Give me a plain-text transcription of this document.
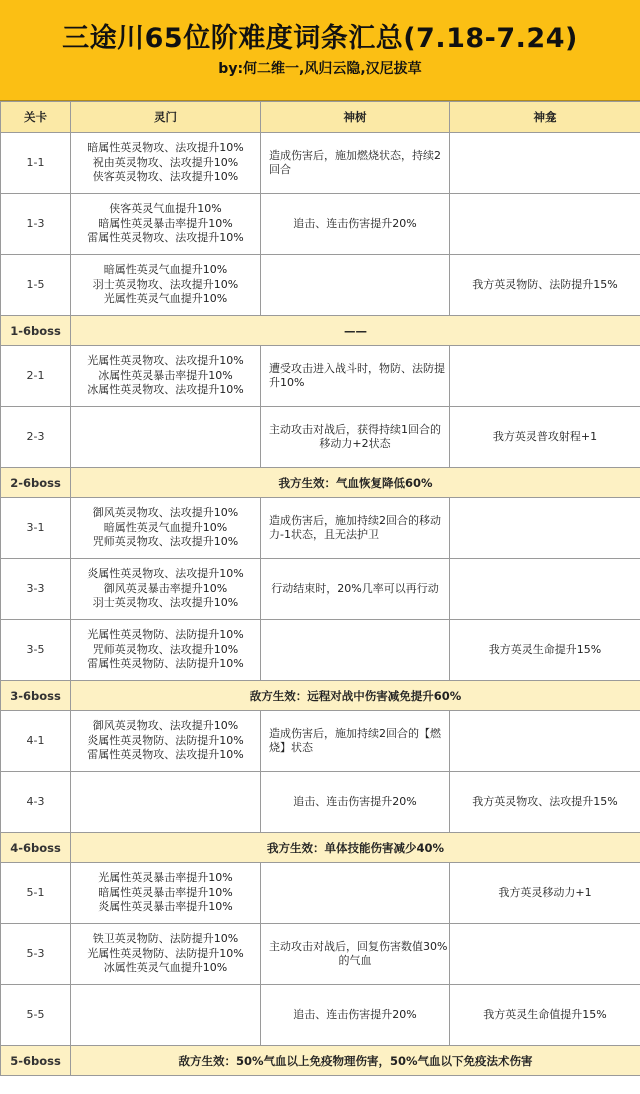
三途川65位阶难度词条汇总(7.18-7.24)
by:何二维一,风归云隐,汉尼拔草
关卡	灵门	神树	神龛
1-1	暗属性英灵物攻、法攻提升10%
祝由英灵物攻、法攻提升10%
侠客英灵物攻、法攻提升10%	造成伤害后，施加燃烧状态，持续2
回合	

1-3	侠客英灵气血提升10%
暗属性英灵暴击率提升10%
雷属性英灵物攻、法攻提升10%	追击、连击伤害提升20%	

1-5	暗属性英灵气血提升10%
羽士英灵物攻、法攻提升10%
光属性英灵气血提升10%		我方英灵物防、法防提升15%
1-6boss	——		
2-1	光属性英灵物攻、法攻提升10%
冰属性英灵暴击率提升10%
冰属性英灵物攻、法攻提升10%	遭受攻击进入战斗时，物防、法防提
升10%	

2-3		主动攻击对战后，获得持续1回合的
移动力+2状态	我方英灵普攻射程+1
2-6boss	我方生效：气血恢复降低60%		
3-1	御风英灵物攻、法攻提升10%
暗属性英灵气血提升10%
咒师英灵物攻、法攻提升10%	造成伤害后，施加持续2回合的移动
力-1状态，且无法护卫	

3-3	炎属性英灵物攻、法攻提升10%
御风英灵暴击率提升10%
羽士英灵物攻、法攻提升10%	行动结束时，20%几率可以再行动	

3-5	光属性英灵物防、法防提升10%
咒师英灵物攻、法攻提升10%
雷属性英灵物防、法防提升10%		我方英灵生命提升15%
3-6boss	敌方生效：远程对战中伤害减免提升60%		
4-1	御风英灵物攻、法攻提升10%
炎属性英灵物防、法防提升10%
雷属性英灵物攻、法攻提升10%	造成伤害后，施加持续2回合的【燃
烧】状态	

4-3		追击、连击伤害提升20%	我方英灵物攻、法攻提升15%
4-6boss	我方生效：单体技能伤害减少40%		
5-1	光属性英灵暴击率提升10%
暗属性英灵暴击率提升10%
炎属性英灵暴击率提升10%		我方英灵移动力+1
5-3	铁卫英灵物防、法防提升10%
光属性英灵物防、法防提升10%
冰属性英灵气血提升10%	主动攻击对战后，回复伤害数值30%
的气血	

5-5		追击、连击伤害提升20%	我方英灵生命值提升15%
5-6boss	敌方生效：50%气血以上免疫物理伤害，50%气血以下免疫法术伤害		
